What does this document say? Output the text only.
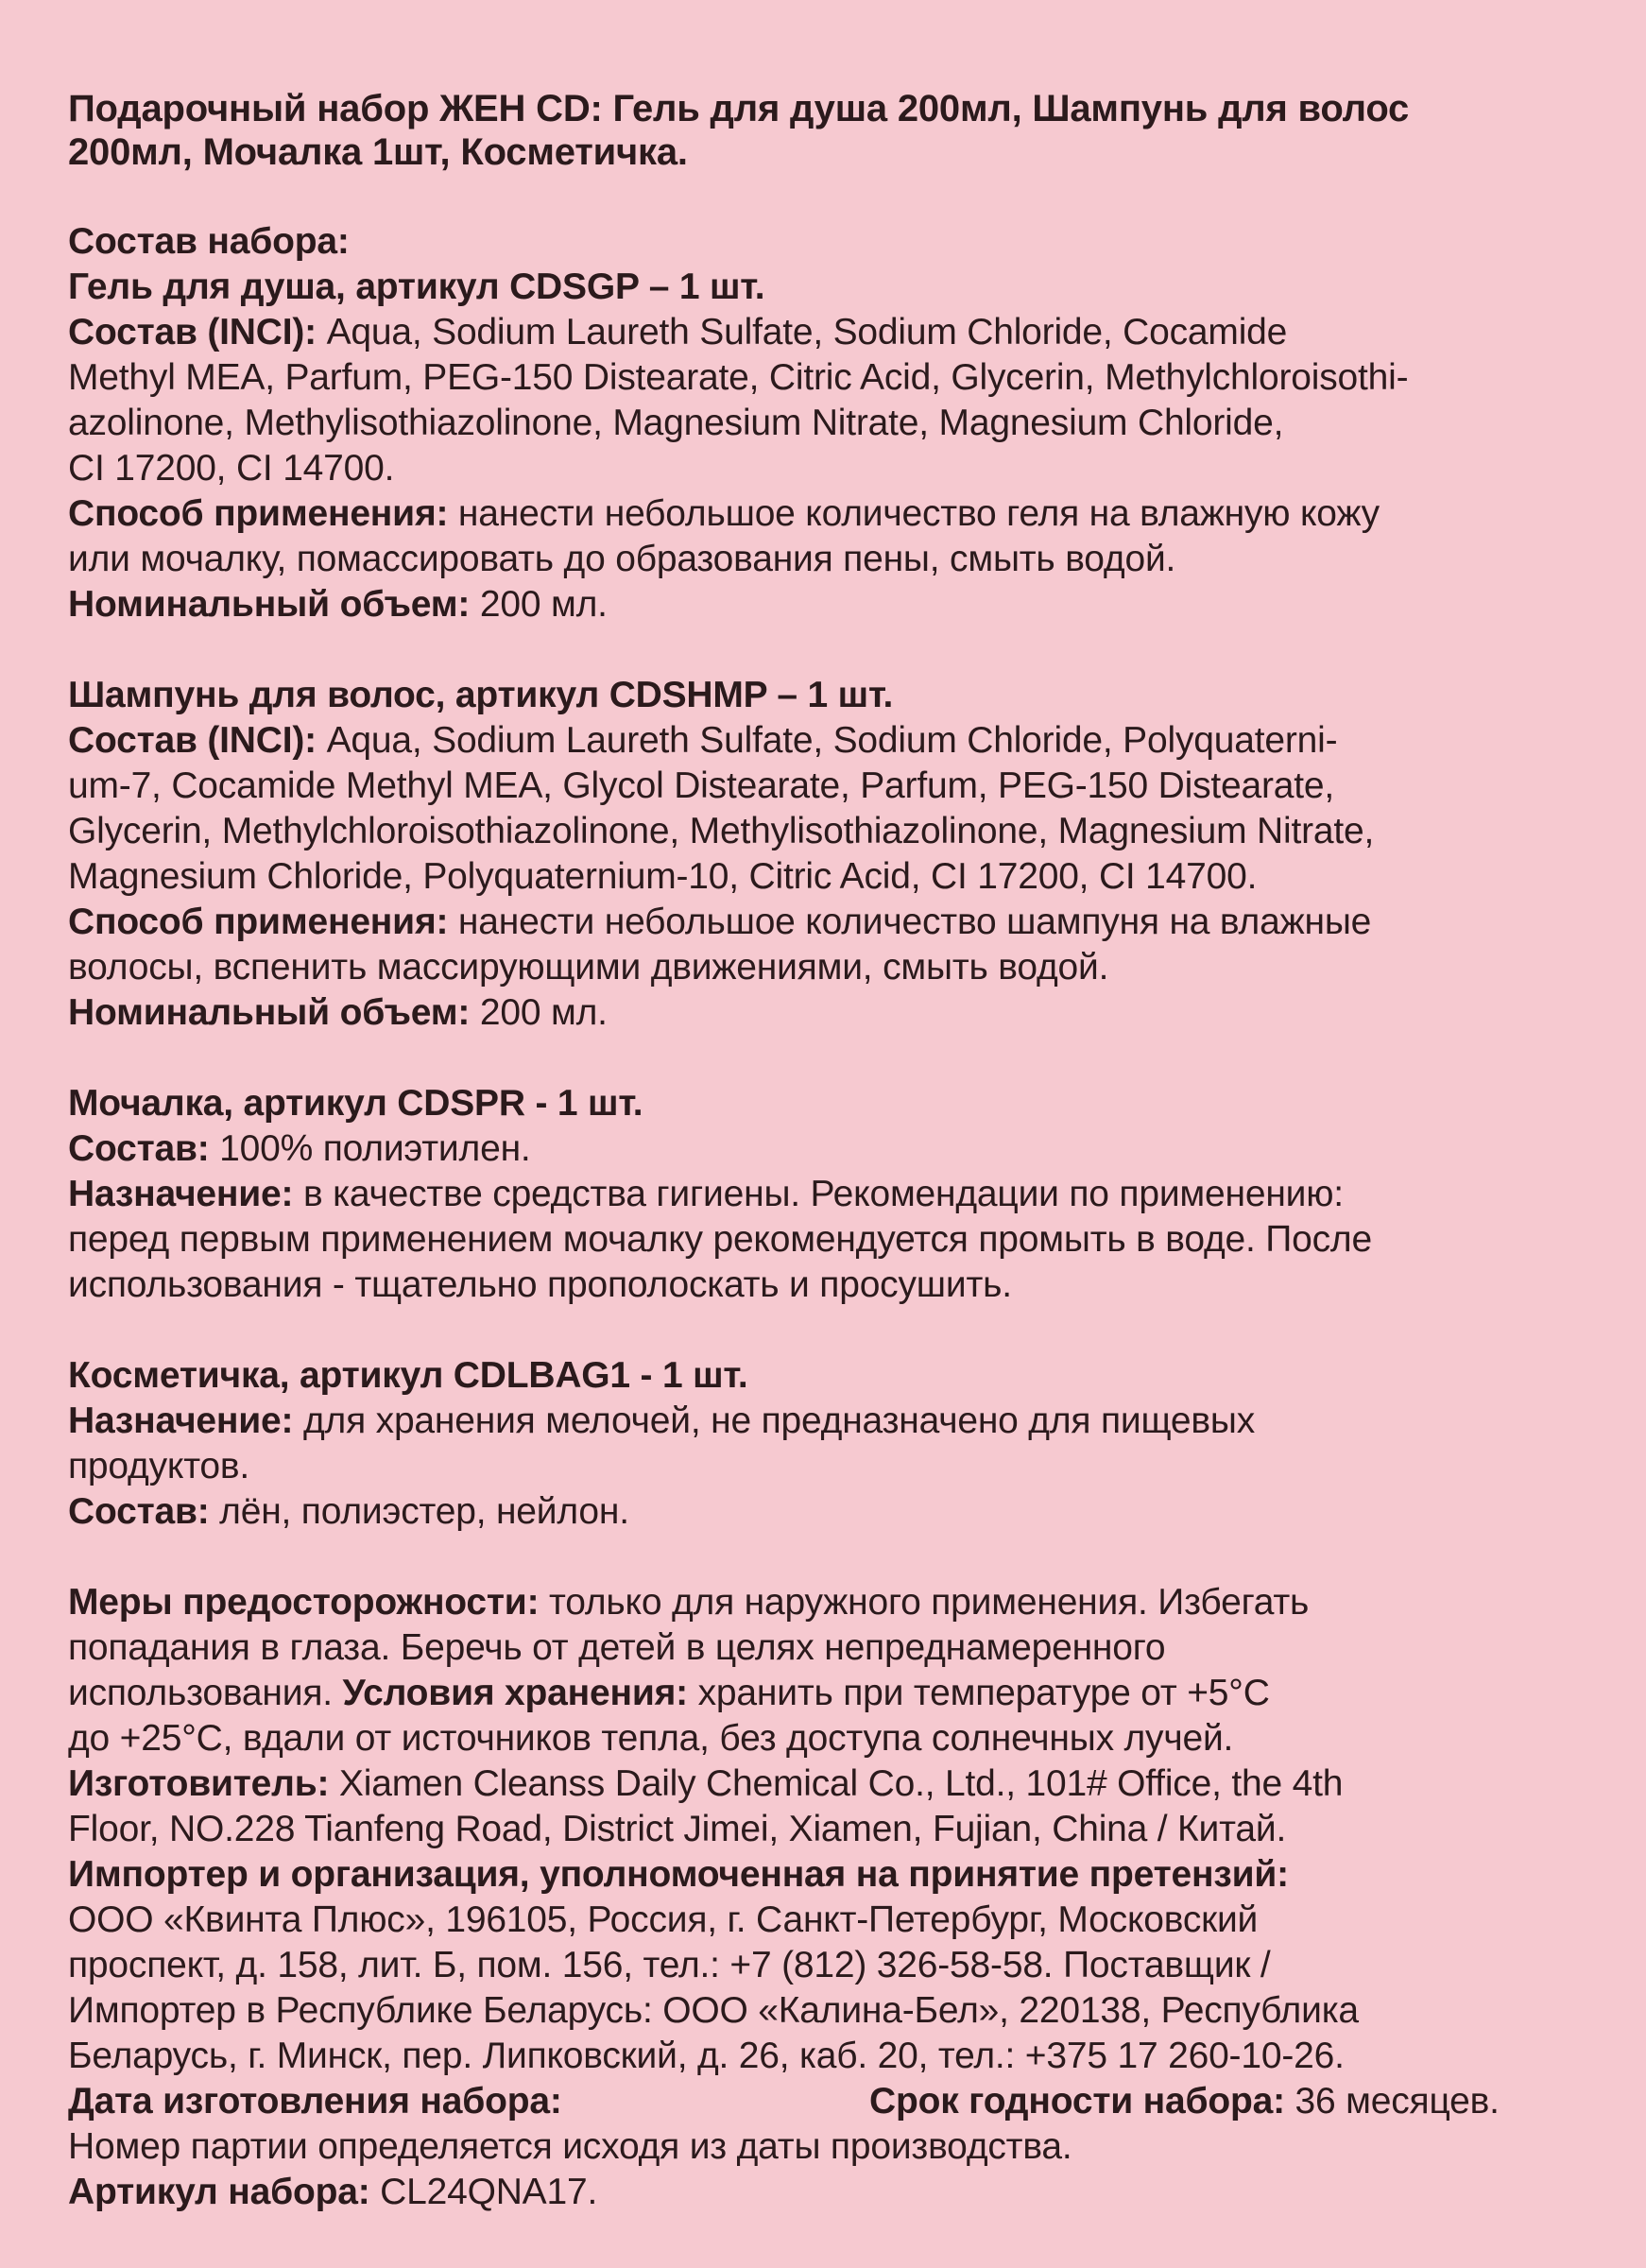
Подарочный набор ЖЕН CD: Гель для душа 200мл, Шампунь для волос
200мл, Мочалка 1шт, Косметичка.
Состав набора:
Гель для душа, артикул CDSGP – 1 шт.
Состав (INCI): Aqua, Sodium Laureth Sulfate, Sodium Chloride, Cocamide
Methyl MEA, Parfum, PEG-150 Distearate, Citric Acid, Glycerin, Methylchloroisothi-
azolinone, Methylisothiazolinone, Magnesium Nitrate, Magnesium Chloride,
CI 17200, CI 14700.
Способ применения: нанести небольшое количество геля на влажную кожу
или мочалку, помассировать до образования пены, смыть водой.
Номинальный объем: 200 мл.
Шампунь для волос, артикул CDSHMP – 1 шт.
Состав (INCI): Aqua, Sodium Laureth Sulfate, Sodium Chloride, Polyquaterni-
um-7, Cocamide Methyl MEA, Glycol Distearate, Parfum, PEG-150 Distearate,
Glycerin, Methylchloroisothiazolinone, Methylisothiazolinone, Magnesium Nitrate,
Magnesium Chloride, Polyquaternium-10, Citric Acid, CI 17200, CI 14700.
Способ применения: нанести небольшое количество шампуня на влажные
волосы, вспенить массирующими движениями, смыть водой.
Номинальный объем: 200 мл.
Мочалка, артикул CDSPR - 1 шт.
Состав: 100% полиэтилен.
Назначение: в качестве средства гигиены. Рекомендации по применению:
перед первым применением мочалку рекомендуется промыть в воде. После
использования - тщательно прополоскать и просушить.
Косметичка, артикул CDLBAG1 - 1 шт.
Назначение: для хранения мелочей, не предназначено для пищевых
продуктов.
Состав: лён, полиэстер, нейлон.
Меры предосторожности: только для наружного применения. Избегать
попадания в глаза. Беречь от детей в целях непреднамеренного
использования. Условия хранения: хранить при температуре от +5°C
до +25°C, вдали от источников тепла, без доступа солнечных лучей.
Изготовитель: Xiamen Cleanss Daily Chemical Co., Ltd., 101# Office, the 4th
Floor, NO.228 Tianfeng Road, District Jimei, Xiamen, Fujian, China / Китай.
Импортер и организация, уполномоченная на принятие претензий:
ООО «Квинта Плюс», 196105, Россия, г. Санкт-Петербург, Московский
проспект, д. 158, лит. Б, пом. 156, тел.: +7 (812) 326-58-58. Поставщик /
Импортер в Республике Беларусь: ООО «Калина-Бел», 220138, Республика
Беларусь, г. Минск, пер. Липковский, д. 26, каб. 20, тел.: +375 17 260-10-26.
Дата изготовления набора:	Срок годности набора: 36 месяцев.
Номер партии определяется исходя из даты производства.
Артикул набора: CL24QNA17.
